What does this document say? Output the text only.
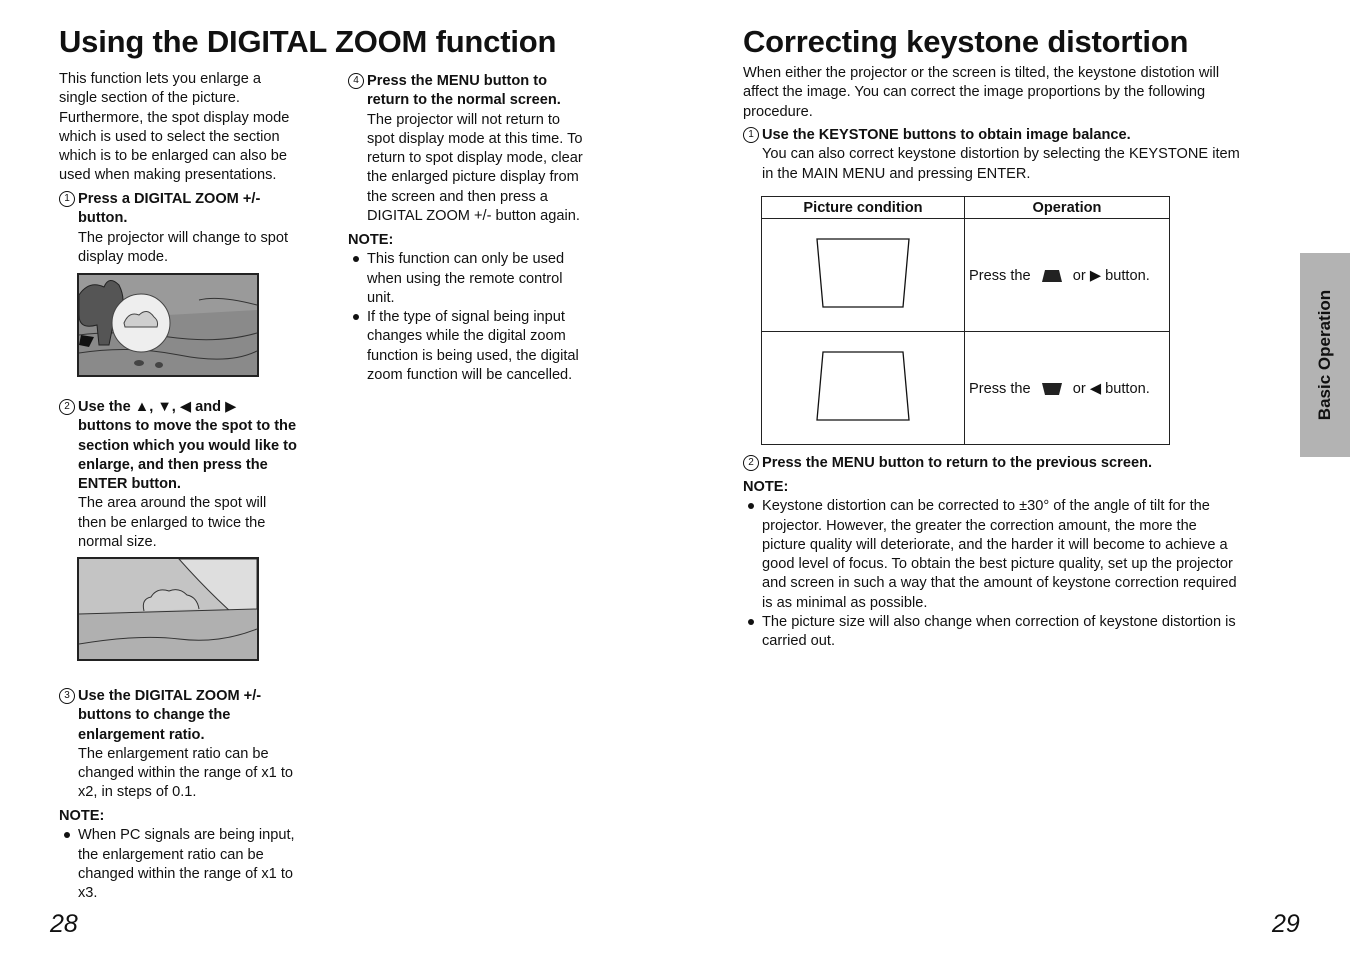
Using the DIGITAL ZOOM function
This function lets you enlarge a
single section of the picture.
Furthermore, the spot display mode
which is used to select the section
which is to be enlarged can also be
used when making presentations.
1 Press a DIGITAL ZOOM +/-
button.
The projector will change to spot
display mode.
2 Use the ▲, ▼, ◀ and ▶
buttons to move the spot to the
section which you would like to
enlarge, and then press the
ENTER button.
The area around the spot will
then be enlarged to twice the
normal size.
3 Use the DIGITAL ZOOM +/-
buttons to change the
enlargement ratio.
The enlargement ratio can be
changed within the range of x1 to
x2, in steps of 0.1.
NOTE:
When PC signals are being input,
the enlargement ratio can be
changed within the range of x1 to
x3.
4 Press the MENU button to
return to the normal screen.
The projector will not return to
spot display mode at this time. To
return to spot display mode, clear
the enlarged picture display from
the screen and then press a
DIGITAL ZOOM +/- button again.
NOTE:
This function can only be used
when using the remote control
unit.
If the type of signal being input
changes while the digital zoom
function is being used, the digital
zoom function will be cancelled.
28
Correcting keystone distortion
When either the projector or the screen is tilted, the keystone distotion will
affect the image. You can correct the image proportions by the following
procedure.
1 Use the KEYSTONE buttons to obtain image balance.
You can also correct keystone distortion by selecting the KEYSTONE item
in the MAIN MENU and pressing ENTER.
Picture condition	Operation
	Press the or ▶ button.
	Press the or ◀ button.
2 Press the MENU button to return to the previous screen.
NOTE:
Keystone distortion can be corrected to ±30° of the angle of tilt for the
projector. However, the greater the correction amount, the more the
picture quality will deteriorate, and the harder it will become to achieve a
good level of focus. To obtain the best picture quality, set up the projector
and screen in such a way that the amount of keystone correction required
is as minimal as possible.
The picture size will also change when correction of keystone distortion is
carried out.
Basic Operation
29
